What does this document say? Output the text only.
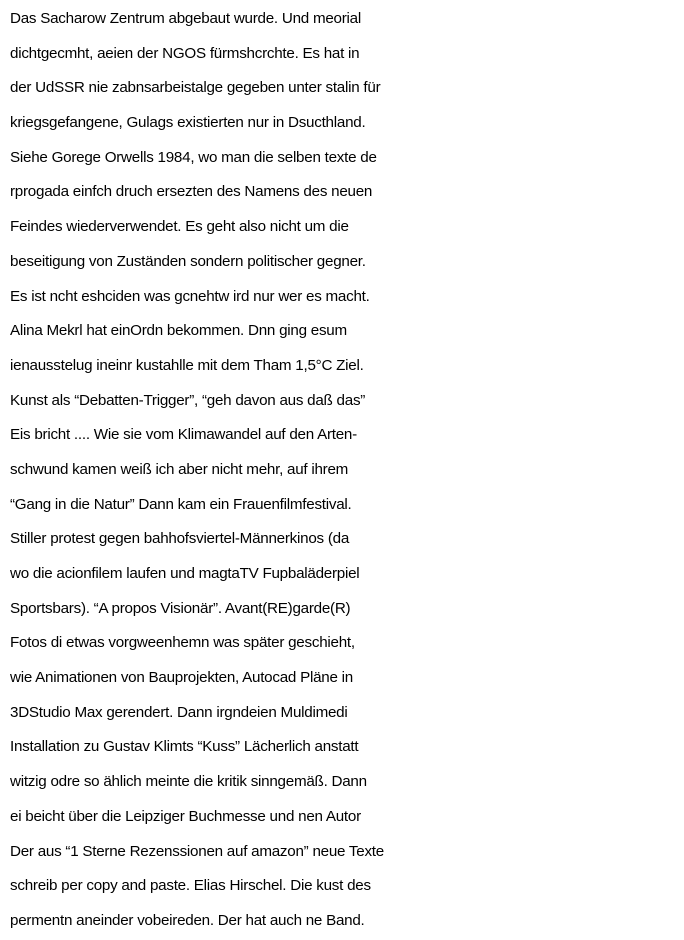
Das Sacharow Zentrum abgebaut wurde. Und meorial
dichtgecmht, aeien der NGOS fürmshcrchte. Es hat in
der UdSSR nie zabnsarbeistalge gegeben unter stalin für
kriegsgefangene, Gulags existierten nur in Dsucthland.
Siehe Gorege Orwells 1984, wo man die selben texte de
rprogada einfch druch ersezten des Namens des neuen
Feindes wiederverwendet. Es geht also nicht um die
beseitigung von Zuständen sondern politischer gegner.
Es ist ncht eshciden was gcnehtw ird nur wer es macht.
Alina Mekrl hat einOrdn bekommen. Dnn ging esum
ienausstelug ineinr kustahlle mit dem Tham 1,5°C Ziel.
Kunst als “Debatten-Trigger”, “geh davon aus daß das”
Eis bricht .... Wie sie vom Klimawandel auf den Arten-
schwund kamen weiß ich aber nicht mehr, auf ihrem
“Gang in die Natur” Dann kam ein Frauenfilmfestival.
Stiller protest gegen bahhofsviertel-Männerkinos (da
wo die acionfilem laufen und magtaTV Fupbaläderpiel
Sportsbars). “A propos Visionär”. Avant(RE)garde(R)
Fotos di etwas vorgweenhemn was später geschieht,
wie Animationen von Bauprojekten, Autocad Pläne in
3DStudio Max gerendert. Dann irgndeien Muldimedi
Installation zu Gustav Klimts “Kuss” Lächerlich anstatt
witzig odre so ählich meinte die kritik sinngemäß. Dann
ei beicht über die Leipziger Buchmesse und nen Autor
Der aus “1 Sterne Rezenssionen auf amazon” neue Texte
schreib per copy and paste. Elias Hirschel. Die kust des
permentn aneinder vobeireden. Der hat auch ne Band.
